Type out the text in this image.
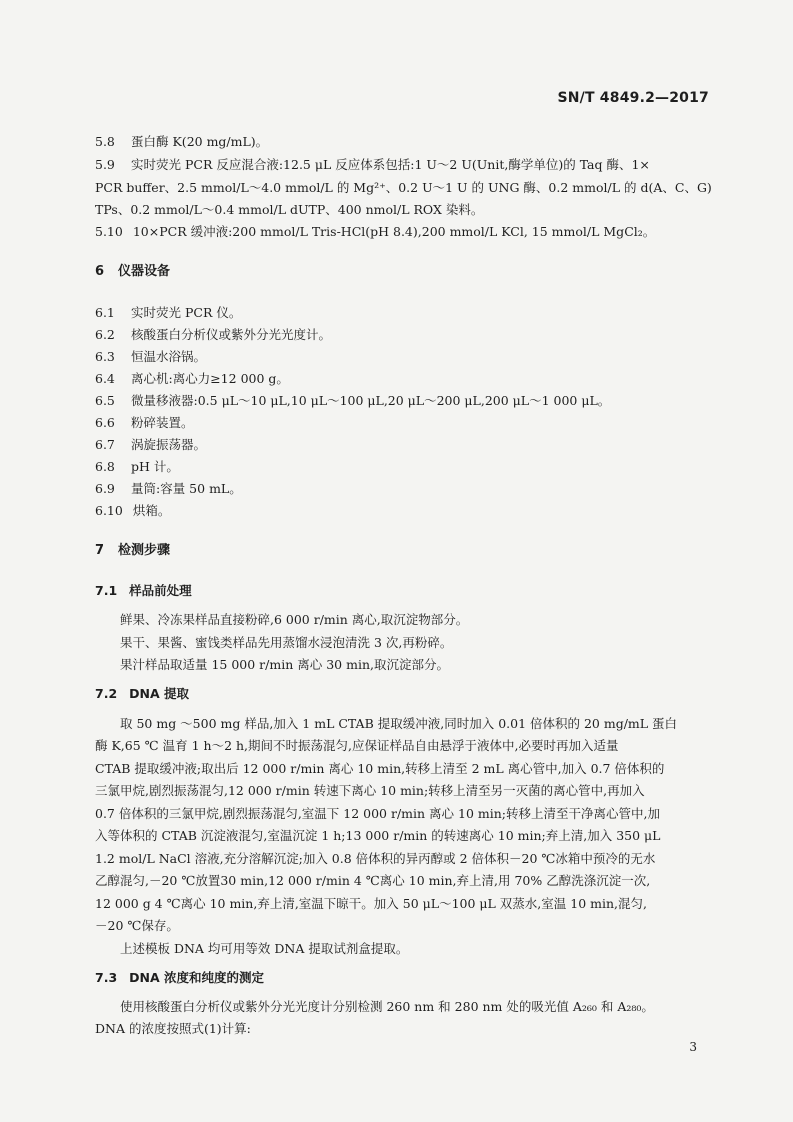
SN/T 4849.2—2017
5.8 蛋白酶 K(20 mg/mL)。
5.9 实时荧光 PCR 反应混合液:12.5 μL 反应体系包括:1 U～2 U(Unit,酶学单位)的 Taq 酶、1×
PCR buffer、2.5 mmol/L～4.0 mmol/L 的 Mg²⁺、0.2 U～1 U 的 UNG 酶、0.2 mmol/L 的 d(A、C、G)
TPs、0.2 mmol/L～0.4 mmol/L dUTP、400 nmol/L ROX 染料。
5.10 10×PCR 缓冲液:200 mmol/L Tris-HCl(pH 8.4),200 mmol/L KCl, 15 mmol/L MgCl₂。
6 仪器设备
6.1 实时荧光 PCR 仪。
6.2 核酸蛋白分析仪或紫外分光光度计。
6.3 恒温水浴锅。
6.4 离心机:离心力≥12 000 g。
6.5 微量移液器:0.5 μL～10 μL,10 μL～100 μL,20 μL～200 μL,200 μL～1 000 μL。
6.6 粉碎装置。
6.7 涡旋振荡器。
6.8 pH 计。
6.9 量筒:容量 50 mL。
6.10 烘箱。
7 检测步骤
7.1 样品前处理
鲜果、冷冻果样品直接粉碎,6 000 r/min 离心,取沉淀物部分。
果干、果酱、蜜饯类样品先用蒸馏水浸泡清洗 3 次,再粉碎。
果汁样品取适量 15 000 r/min 离心 30 min,取沉淀部分。
7.2 DNA 提取
取 50 mg ～500 mg 样品,加入 1 mL CTAB 提取缓冲液,同时加入 0.01 倍体积的 20 mg/mL 蛋白
酶 K,65 ℃ 温育 1 h～2 h,期间不时振荡混匀,应保证样品自由悬浮于液体中,必要时再加入适量
CTAB 提取缓冲液;取出后 12 000 r/min 离心 10 min,转移上清至 2 mL 离心管中,加入 0.7 倍体积的
三氯甲烷,剧烈振荡混匀,12 000 r/min 转速下离心 10 min;转移上清至另一灭菌的离心管中,再加入
0.7 倍体积的三氯甲烷,剧烈振荡混匀,室温下 12 000 r/min 离心 10 min;转移上清至干净离心管中,加
入等体积的 CTAB 沉淀液混匀,室温沉淀 1 h;13 000 r/min 的转速离心 10 min;弃上清,加入 350 μL
1.2 mol/L NaCl 溶液,充分溶解沉淀;加入 0.8 倍体积的异丙醇或 2 倍体积－20 ℃冰箱中预冷的无水
乙醇混匀,－20 ℃放置30 min,12 000 r/min 4 ℃离心 10 min,弃上清,用 70% 乙醇洗涤沉淀一次,
12 000 g 4 ℃离心 10 min,弃上清,室温下晾干。加入 50 μL～100 μL 双蒸水,室温 10 min,混匀,
－20 ℃保存。
上述模板 DNA 均可用等效 DNA 提取试剂盒提取。
7.3 DNA 浓度和纯度的测定
使用核酸蛋白分析仪或紫外分光光度计分别检测 260 nm 和 280 nm 处的吸光值 A₂₆₀ 和 A₂₈₀。
DNA 的浓度按照式(1)计算:
3
